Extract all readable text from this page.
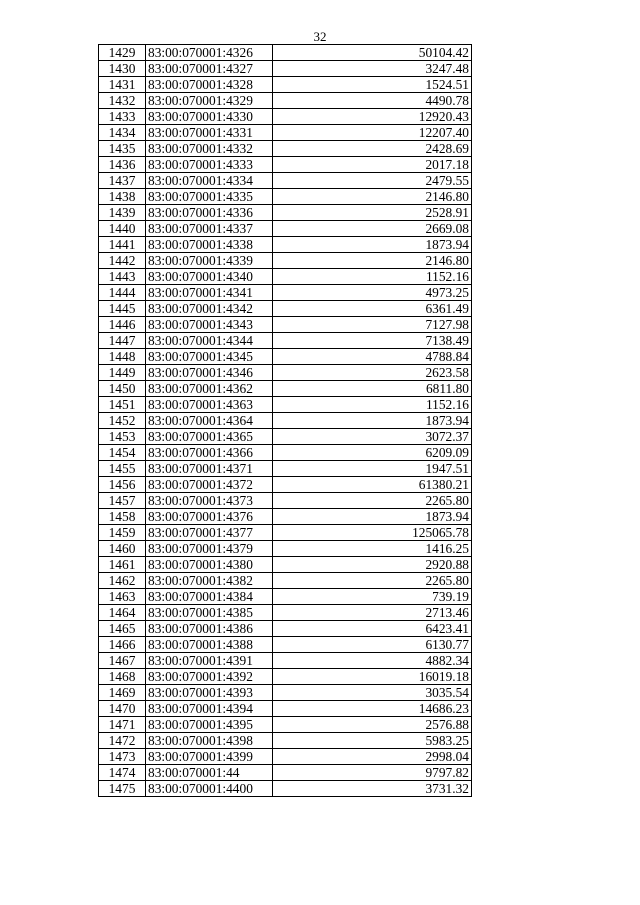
32
1429	83:00:070001:4326	50104.42
1430	83:00:070001:4327	3247.48
1431	83:00:070001:4328	1524.51
1432	83:00:070001:4329	4490.78
1433	83:00:070001:4330	12920.43
1434	83:00:070001:4331	12207.40
1435	83:00:070001:4332	2428.69
1436	83:00:070001:4333	2017.18
1437	83:00:070001:4334	2479.55
1438	83:00:070001:4335	2146.80
1439	83:00:070001:4336	2528.91
1440	83:00:070001:4337	2669.08
1441	83:00:070001:4338	1873.94
1442	83:00:070001:4339	2146.80
1443	83:00:070001:4340	1152.16
1444	83:00:070001:4341	4973.25
1445	83:00:070001:4342	6361.49
1446	83:00:070001:4343	7127.98
1447	83:00:070001:4344	7138.49
1448	83:00:070001:4345	4788.84
1449	83:00:070001:4346	2623.58
1450	83:00:070001:4362	6811.80
1451	83:00:070001:4363	1152.16
1452	83:00:070001:4364	1873.94
1453	83:00:070001:4365	3072.37
1454	83:00:070001:4366	6209.09
1455	83:00:070001:4371	1947.51
1456	83:00:070001:4372	61380.21
1457	83:00:070001:4373	2265.80
1458	83:00:070001:4376	1873.94
1459	83:00:070001:4377	125065.78
1460	83:00:070001:4379	1416.25
1461	83:00:070001:4380	2920.88
1462	83:00:070001:4382	2265.80
1463	83:00:070001:4384	739.19
1464	83:00:070001:4385	2713.46
1465	83:00:070001:4386	6423.41
1466	83:00:070001:4388	6130.77
1467	83:00:070001:4391	4882.34
1468	83:00:070001:4392	16019.18
1469	83:00:070001:4393	3035.54
1470	83:00:070001:4394	14686.23
1471	83:00:070001:4395	2576.88
1472	83:00:070001:4398	5983.25
1473	83:00:070001:4399	2998.04
1474	83:00:070001:44	9797.82
1475	83:00:070001:4400	3731.32
